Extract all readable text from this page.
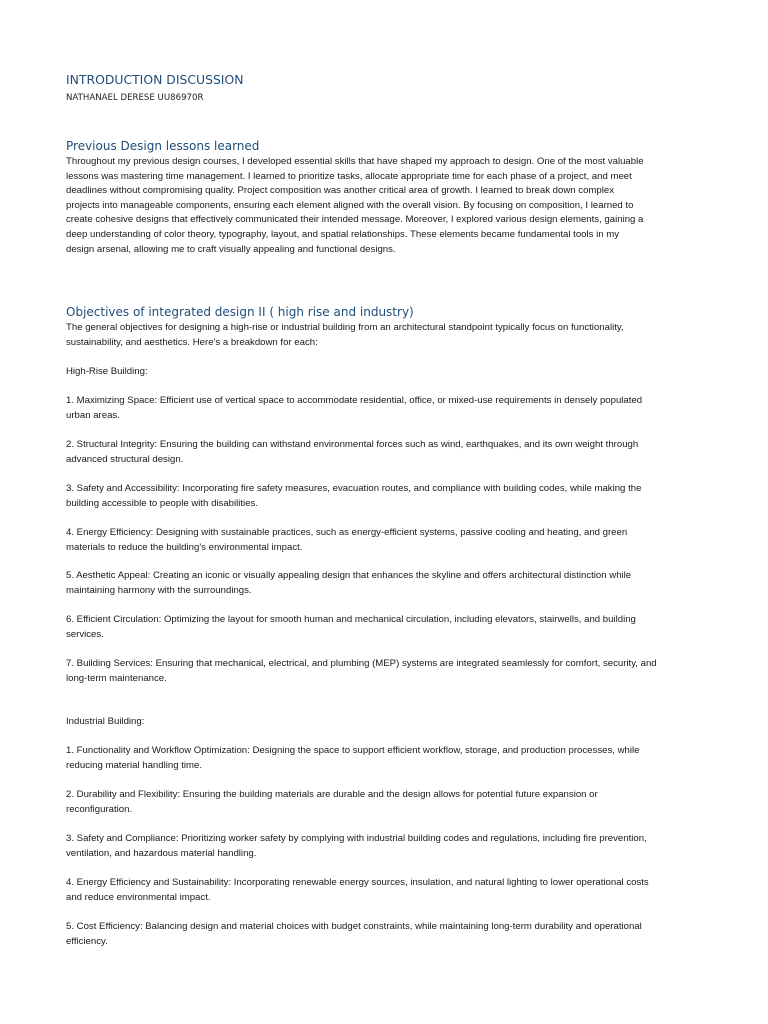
INTRODUCTION DISCUSSION

NATHANAEL DERESE UU86970R

Previous Design lessons learned
Throughout my previous design courses, I developed essential skills that have shaped my approach to design. One of the most valuable
lessons was mastering time management. I learned to prioritize tasks, allocate appropriate time for each phase of a project, and meet
deadlines without compromising quality. Project composition was another critical area of growth. I learned to break down complex
projects into manageable components, ensuring each element aligned with the overall vision. By focusing on composition, I learned to
create cohesive designs that effectively communicated their intended message. Moreover, I explored various design elements, gaining a
deep understanding of color theory, typography, layout, and spatial relationships. These elements became fundamental tools in my
design arsenal, allowing me to craft visually appealing and functional designs.
Objectives of integrated design II ( high rise and industry)
The general objectives for designing a high-rise or industrial building from an architectural standpoint typically focus on functionality,
sustainability, and aesthetics. Here's a breakdown for each:

High-Rise Building:

1. Maximizing Space: Efficient use of vertical space to accommodate residential, office, or mixed-use requirements in densely populated
urban areas.
2. Structural Integrity: Ensuring the building can withstand environmental forces such as wind, earthquakes, and its own weight through
advanced structural design.
3. Safety and Accessibility: Incorporating fire safety measures, evacuation routes, and compliance with building codes, while making the
building accessible to people with disabilities.
4. Energy Efficiency: Designing with sustainable practices, such as energy-efficient systems, passive cooling and heating, and green
materials to reduce the building's environmental impact.
5. Aesthetic Appeal: Creating an iconic or visually appealing design that enhances the skyline and offers architectural distinction while
maintaining harmony with the surroundings.
6. Efficient Circulation: Optimizing the layout for smooth human and mechanical circulation, including elevators, stairwells, and building
services.
7. Building Services: Ensuring that mechanical, electrical, and plumbing (MEP) systems are integrated seamlessly for comfort, security, and
long-term maintenance.

Industrial Building:

1. Functionality and Workflow Optimization: Designing the space to support efficient workflow, storage, and production processes, while
reducing material handling time.
2. Durability and Flexibility: Ensuring the building materials are durable and the design allows for potential future expansion or
reconfiguration.
3. Safety and Compliance: Prioritizing worker safety by complying with industrial building codes and regulations, including fire prevention,
ventilation, and hazardous material handling.
4. Energy Efficiency and Sustainability: Incorporating renewable energy sources, insulation, and natural lighting to lower operational costs
and reduce environmental impact.
5. Cost Efficiency: Balancing design and material choices with budget constraints, while maintaining long-term durability and operational
efficiency.
